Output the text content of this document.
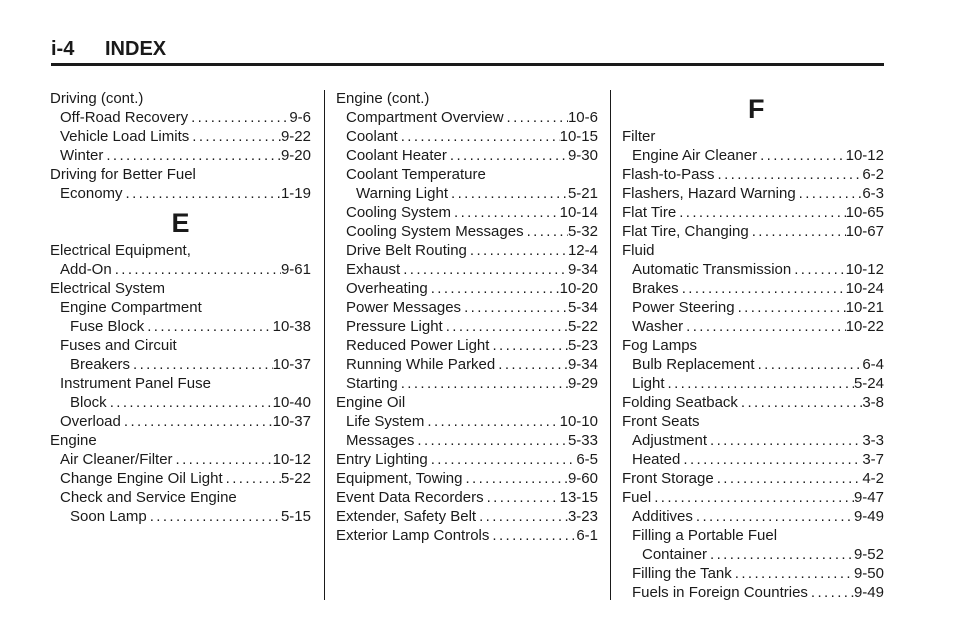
i-4 INDEX
Driving (cont.)
Off-Road Recovery .....	9-6
Vehicle Load Limits .....	9-22
Winter .....	9-20
Driving for Better Fuel
Economy .....	1-19
E
Electrical Equipment,
Add-On .....	9-61
Electrical System
Engine Compartment
Fuse Block .....	10-38
Fuses and Circuit
Breakers .....	10-37
Instrument Panel Fuse
Block .....	10-40
Overload .....	10-37
Engine
Air Cleaner/Filter .....	10-12
Change Engine Oil Light .....	5-22
Check and Service Engine
Soon Lamp .....	5-15
Engine (cont.)
Compartment Overview .....	10-6
Coolant .....	10-15
Coolant Heater .....	9-30
Coolant Temperature
Warning Light .....	5-21
Cooling System .....	10-14
Cooling System Messages .....	5-32
Drive Belt Routing .....	12-4
Exhaust .....	9-34
Overheating .....	10-20
Power Messages .....	5-34
Pressure Light .....	5-22
Reduced Power Light .....	5-23
Running While Parked .....	9-34
Starting .....	9-29
Engine Oil
Life System .....	10-10
Messages .....	5-33
Entry Lighting .....	6-5
Equipment, Towing .....	9-60
Event Data Recorders .....	13-15
Extender, Safety Belt .....	3-23
Exterior Lamp Controls .....	6-1
F
Filter
Engine Air Cleaner .....	10-12
Flash-to-Pass .....	6-2
Flashers, Hazard Warning .....	6-3
Flat Tire .....	10-65
Flat Tire, Changing .....	10-67
Fluid
Automatic Transmission .....	10-12
Brakes .....	10-24
Power Steering .....	10-21
Washer .....	10-22
Fog Lamps
Bulb Replacement .....	6-4
Light .....	5-24
Folding Seatback .....	3-8
Front Seats
Adjustment .....	3-3
Heated .....	3-7
Front Storage .....	4-2
Fuel .....	9-47
Additives .....	9-49
Filling a Portable Fuel
Container .....	9-52
Filling the Tank .....	9-50
Fuels in Foreign Countries .....	9-49
